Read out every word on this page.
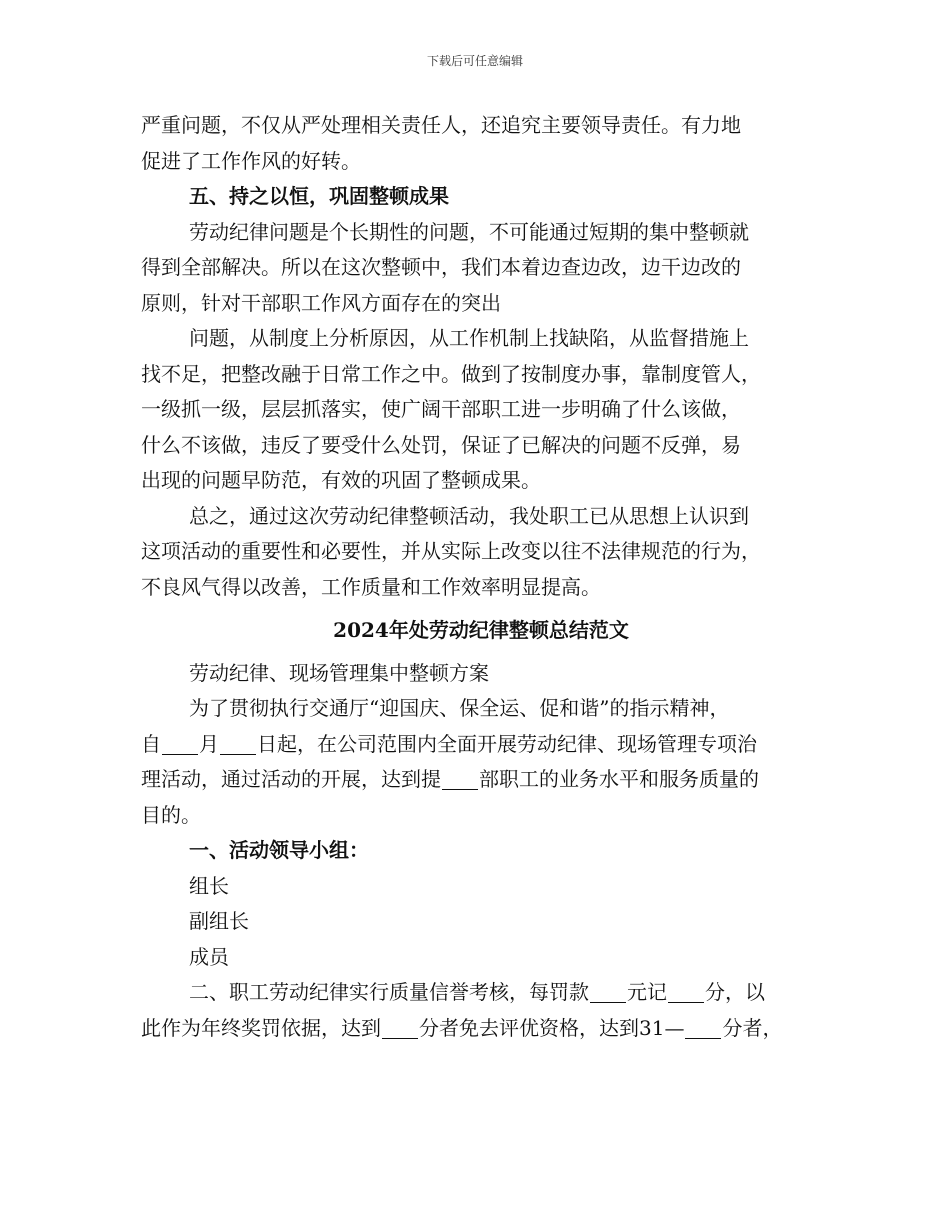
下载后可任意编辑

严重问题，不仅从严处理相关责任人，还追究主要领导责任。有力地

促进了工作作风的好转。

五、持之以恒，巩固整顿成果

劳动纪律问题是个长期性的问题，不可能通过短期的集中整顿就

得到全部解决。所以在这次整顿中，我们本着边查边改，边干边改的

原则，针对干部职工作风方面存在的突出

问题，从制度上分析原因，从工作机制上找缺陷，从监督措施上

找不足，把整改融于日常工作之中。做到了按制度办事，靠制度管人，

一级抓一级，层层抓落实，使广阔干部职工进一步明确了什么该做，

什么不该做，违反了要受什么处罚，保证了已解决的问题不反弹，易

出现的问题早防范，有效的巩固了整顿成果。

总之，通过这次劳动纪律整顿活动，我处职工已从思想上认识到

这项活动的重要性和必要性，并从实际上改变以往不法律规范的行为，

不良风气得以改善，工作质量和工作效率明显提高。

2024年处劳动纪律整顿总结范文

劳动纪律、现场管理集中整顿方案

为了贯彻执行交通厅“迎国庆、保全运、促和谐”的指示精神，

自 月 日起，在公司范围内全面开展劳动纪律、现场管理专项治

理活动，通过活动的开展，达到提 部职工的业务水平和服务质量的

目的。

一、活动领导小组：

组长

副组长

成员

二、职工劳动纪律实行质量信誉考核，每罚款 元记 分，以

此作为年终奖罚依据，达到 分者免去评优资格，达到31— 分者，
